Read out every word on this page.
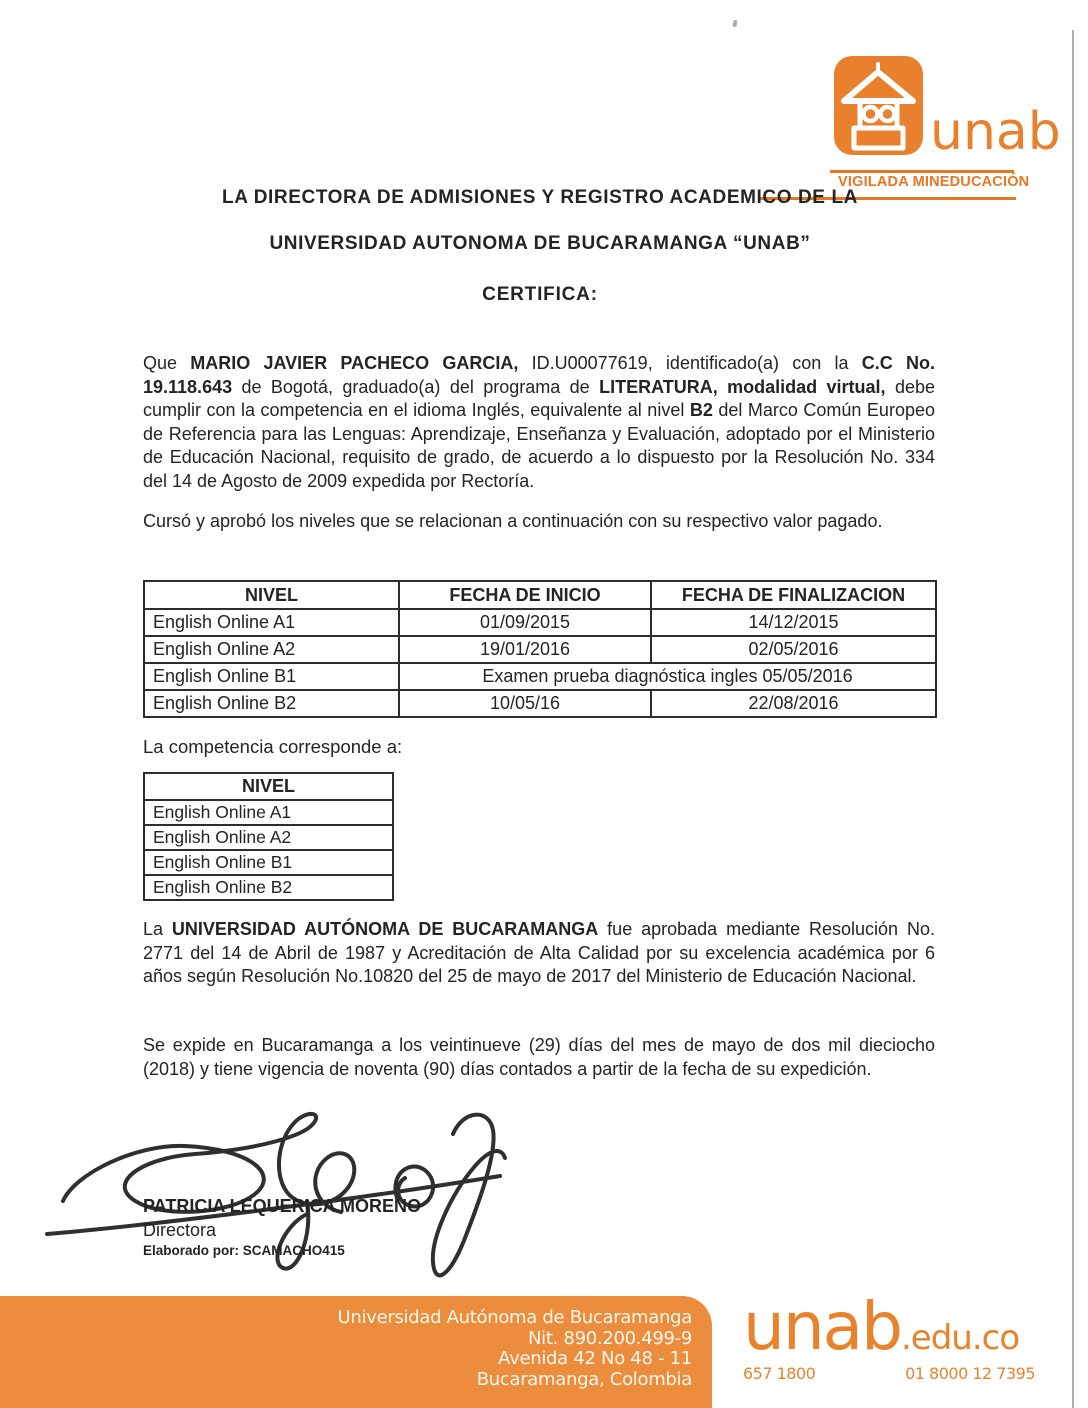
unab
VIGILADA MINEDUCACIÓN
LA DIRECTORA DE ADMISIONES Y REGISTRO ACADEMICO DE LA
UNIVERSIDAD AUTONOMA DE BUCARAMANGA “UNAB”
CERTIFICA:
Que MARIO JAVIER PACHECO GARCIA, ID.U00077619, identificado(a) con la C.C No. 19.118.643 de Bogotá, graduado(a) del programa de LITERATURA, modalidad virtual, debe cumplir con la competencia en el idioma Inglés, equivalente al nivel B2 del Marco Común Europeo de Referencia para las Lenguas: Aprendizaje, Enseñanza y Evaluación, adoptado por el Ministerio de Educación Nacional, requisito de grado, de acuerdo a lo dispuesto por la Resolución No. 334 del 14 de Agosto de 2009 expedida por Rectoría.
Cursó y aprobó los niveles que se relacionan a continuación con su respectivo valor pagado.
NIVEL	FECHA DE INICIO	FECHA DE FINALIZACION
English Online A1	01/09/2015	14/12/2015
English Online A2	19/01/2016	02/05/2016
English Online B1	Examen prueba diagnóstica ingles 05/05/2016	
English Online B2	10/05/16	22/08/2016
La competencia corresponde a:
NIVEL
English Online A1
English Online A2
English Online B1
English Online B2
La UNIVERSIDAD AUTÓNOMA DE BUCARAMANGA fue aprobada mediante Resolución No. 2771 del 14 de Abril de 1987 y Acreditación de Alta Calidad por su excelencia académica por 6 años según Resolución No.10820 del 25 de mayo de 2017 del Ministerio de Educación Nacional.
Se expide en Bucaramanga a los veintinueve (29) días del mes de mayo de dos mil dieciocho (2018) y tiene vigencia de noventa (90) días contados a partir de la fecha de su expedición.
PATRICIA LEQUERICA MORENO
Directora
Elaborado por: SCAMACHO415
Universidad Autónoma de Bucaramanga
Nit. 890.200.499-9
Avenida 42 No 48 - 11
Bucaramanga, Colombia
unab.edu.co
657 1800	01 8000 12 7395
